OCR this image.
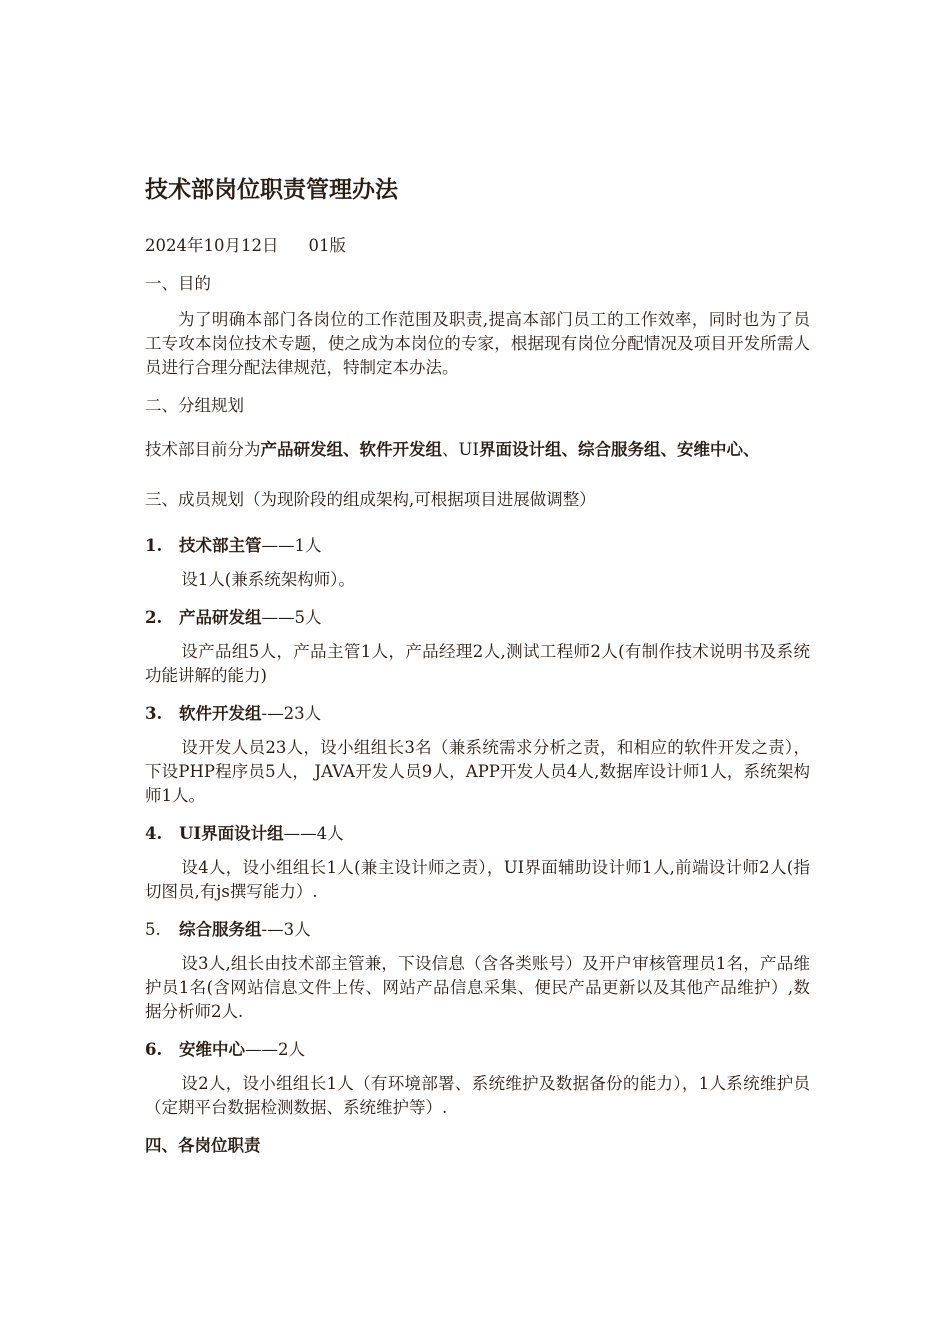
技术部岗位职责管理办法

2024年10月12日 01版

一、目的

为了明确本部门各岗位的工作范围及职责,提高本部门员工的工作效率，同时也为了员工专攻本岗位技术专题，使之成为本岗位的专家，根据现有岗位分配情况及项目开发所需人员进行合理分配法律规范，特制定本办法。

二、分组规划

技术部目前分为产品研发组、软件开发组、UI界面设计组、综合服务组、安维中心、

三、成员规划（为现阶段的组成架构,可根据项目进展做调整）

1. 技术部主管——1人

设1人(兼系统架构师）。

2. 产品研发组——5人

设产品组5人，产品主管1人，产品经理2人,测试工程师2人(有制作技术说明书及系统功能讲解的能力)

3. 软件开发组-—23人

设开发人员23人，设小组组长3名（兼系统需求分析之责，和相应的软件开发之责）， 下设PHP程序员5人， JAVA开发人员9人，APP开发人员4人,数据库设计师1人，系统架构师1人。

4. UI界面设计组——4人

设4人，设小组组长1人(兼主设计师之责），UI界面辅助设计师1人,前端设计师2人(指切图员,有js撰写能力）.

5. 综合服务组-—3人

设3人,组长由技术部主管兼，下设信息（含各类账号）及开户审核管理员1名，产品维护员1名(含网站信息文件上传、网站产品信息采集、便民产品更新以及其他产品维护）,数据分析师2人.

6. 安维中心——2人

设2人，设小组组长1人（有环境部署、系统维护及数据备份的能力），1人系统维护员（定期平台数据检测数据、系统维护等）.

四、各岗位职责
